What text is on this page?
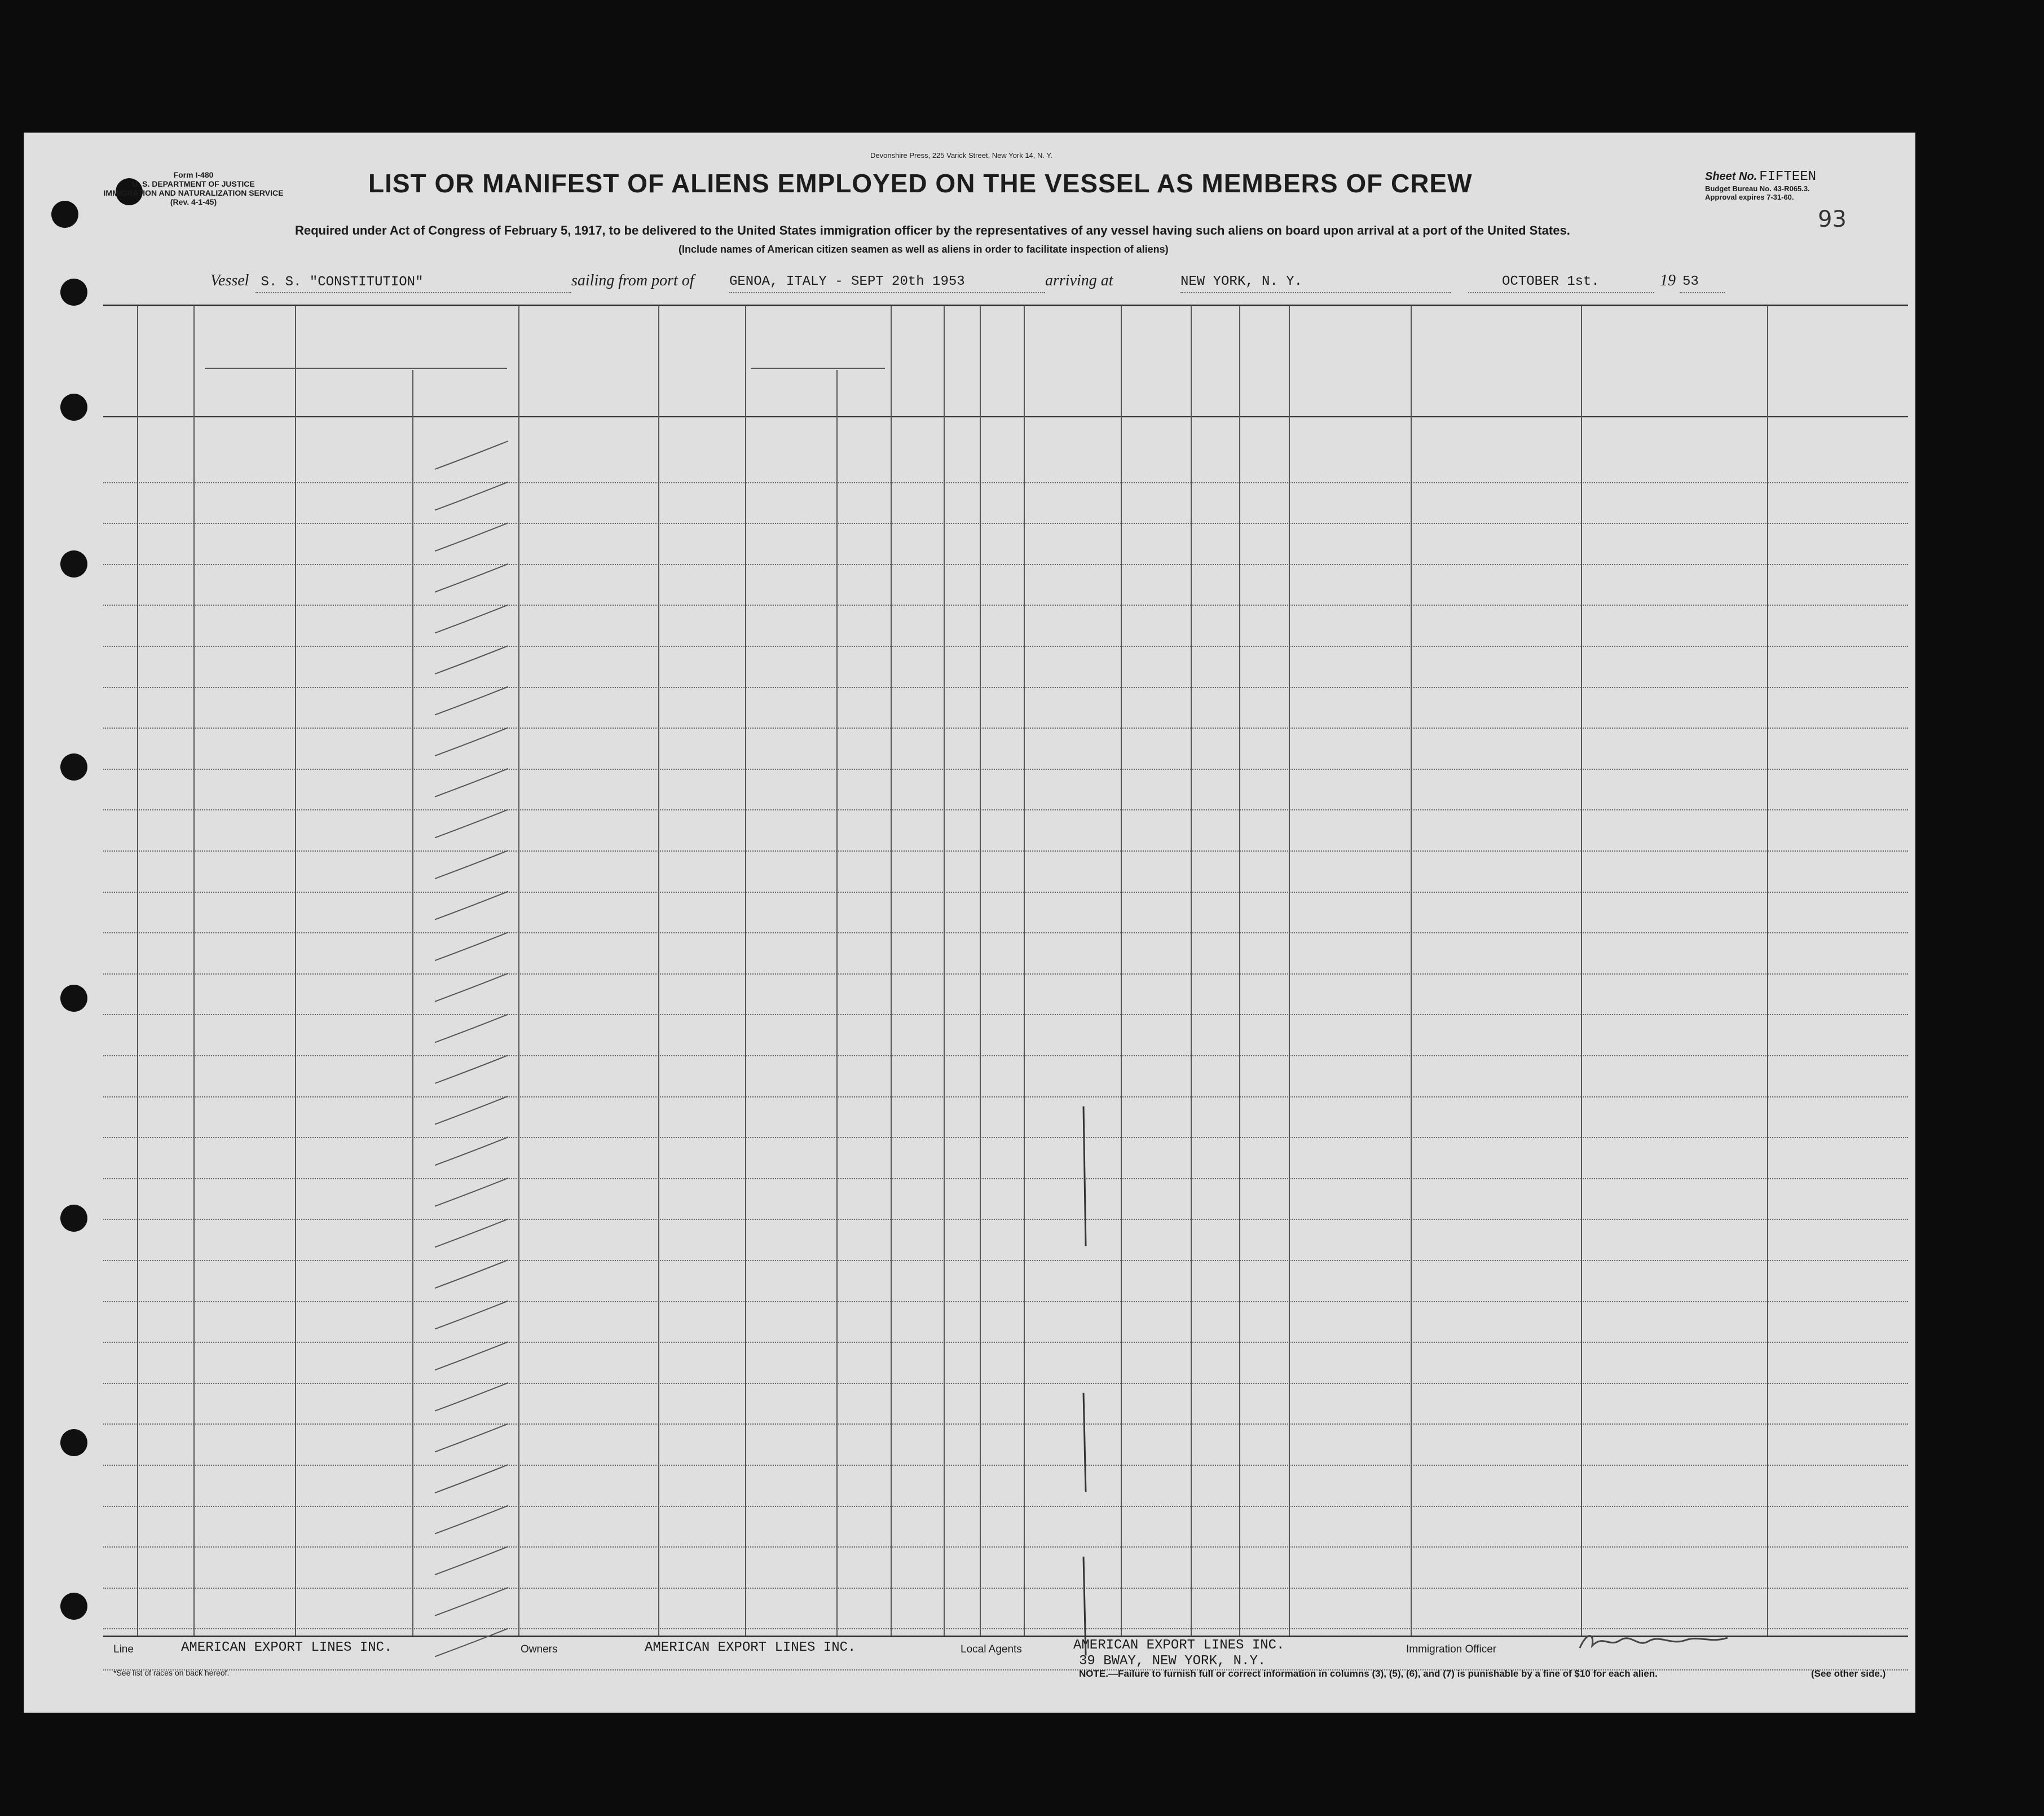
Form I-480
U. S. DEPARTMENT OF JUSTICE
IMMIGRATION AND NATURALIZATION SERVICE
(Rev. 4-1-45)
Devonshire Press, 225 Varick Street, New York 14, N. Y.
LIST OR MANIFEST OF ALIENS EMPLOYED ON THE VESSEL AS MEMBERS OF CREW
Required under Act of Congress of February 5, 1917, to be delivered to the United States immigration officer by the representatives of any vessel having such aliens on board upon arrival at a port of the United States.
(Include names of American citizen seamen as well as aliens in order to facilitate inspection of aliens)
Sheet No. FIFTEEN
Budget Bureau No. 43-R065.3.
Approval expires 7-31-60.
93
Vessel S. S. "CONSTITUTION"	sailing from port of	GENOA, ITALY - SEPT 20th 1953	arriving at	NEW YORK, N. Y.	OCTOBER 1st.	19 53
Line	AMERICAN EXPORT LINES INC.	Owners	AMERICAN EXPORT LINES INC.	Local Agents	AMERICAN EXPORT LINES INC.
39 BWAY, NEW YORK, N.Y.
Immigration Officer
*See list of races on back hereof.	NOTE.—Failure to furnish full or correct information in columns (3), (5), (6), and (7) is punishable by a fine of $10 for each alien.	(See other side.)
